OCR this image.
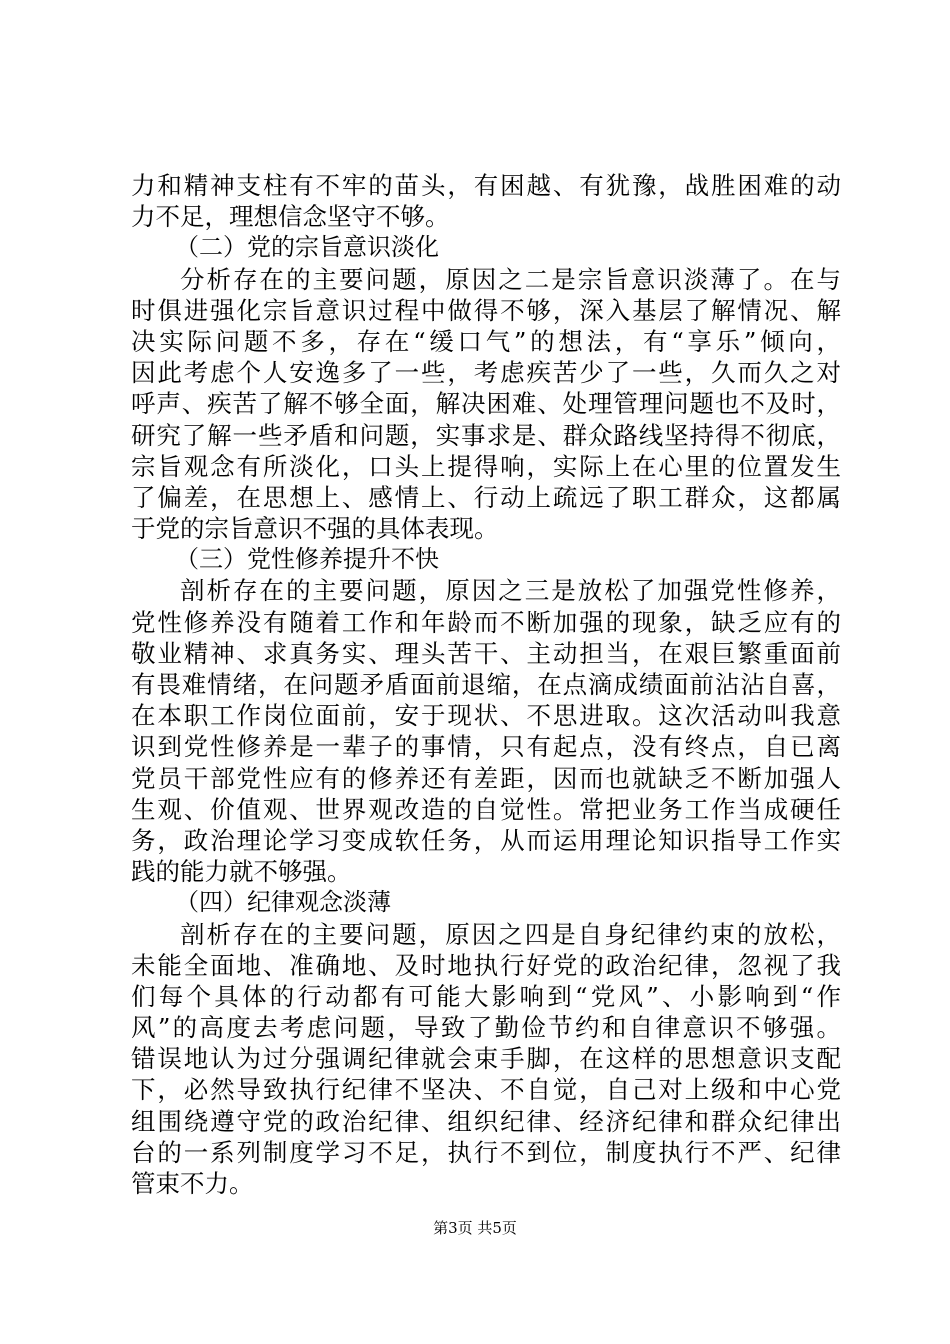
力和精神支柱有不牢的苗头，有困越、有犹豫，战胜困难的动
力不足，理想信念坚守不够。
（二）党的宗旨意识淡化
分析存在的主要问题，原因之二是宗旨意识淡薄了。在与
时俱进强化宗旨意识过程中做得不够，深入基层了解情况、解
决实际问题不多，存在“缓口气”的想法，有“享乐”倾向，
因此考虑个人安逸多了一些，考虑疾苦少了一些，久而久之对
呼声、疾苦了解不够全面，解决困难、处理管理问题也不及时，
研究了解一些矛盾和问题，实事求是、群众路线坚持得不彻底，
宗旨观念有所淡化，口头上提得响，实际上在心里的位置发生
了偏差，在思想上、感情上、行动上疏远了职工群众，这都属
于党的宗旨意识不强的具体表现。
（三）党性修养提升不快
剖析存在的主要问题，原因之三是放松了加强党性修养，
党性修养没有随着工作和年龄而不断加强的现象，缺乏应有的
敬业精神、求真务实、理头苦干、主动担当，在艰巨繁重面前
有畏难情绪，在问题矛盾面前退缩，在点滴成绩面前沾沾自喜，
在本职工作岗位面前，安于现状、不思进取。这次活动叫我意
识到党性修养是一辈子的事情，只有起点，没有终点，自已离
党员干部党性应有的修养还有差距，因而也就缺乏不断加强人
生观、价值观、世界观改造的自觉性。常把业务工作当成硬任
务，政治理论学习变成软任务，从而运用理论知识指导工作实
践的能力就不够强。
（四）纪律观念淡薄
剖析存在的主要问题，原因之四是自身纪律约束的放松，
未能全面地、准确地、及时地执行好党的政治纪律，忽视了我
们每个具体的行动都有可能大影响到“党风”、小影响到“作
风”的高度去考虑问题，导致了勤俭节约和自律意识不够强。
错误地认为过分强调纪律就会束手脚，在这样的思想意识支配
下，必然导致执行纪律不坚决、不自觉，自己对上级和中心党
组围绕遵守党的政治纪律、组织纪律、经济纪律和群众纪律出
台的一系列制度学习不足，执行不到位，制度执行不严、纪律
管束不力。
第3页 共5页
